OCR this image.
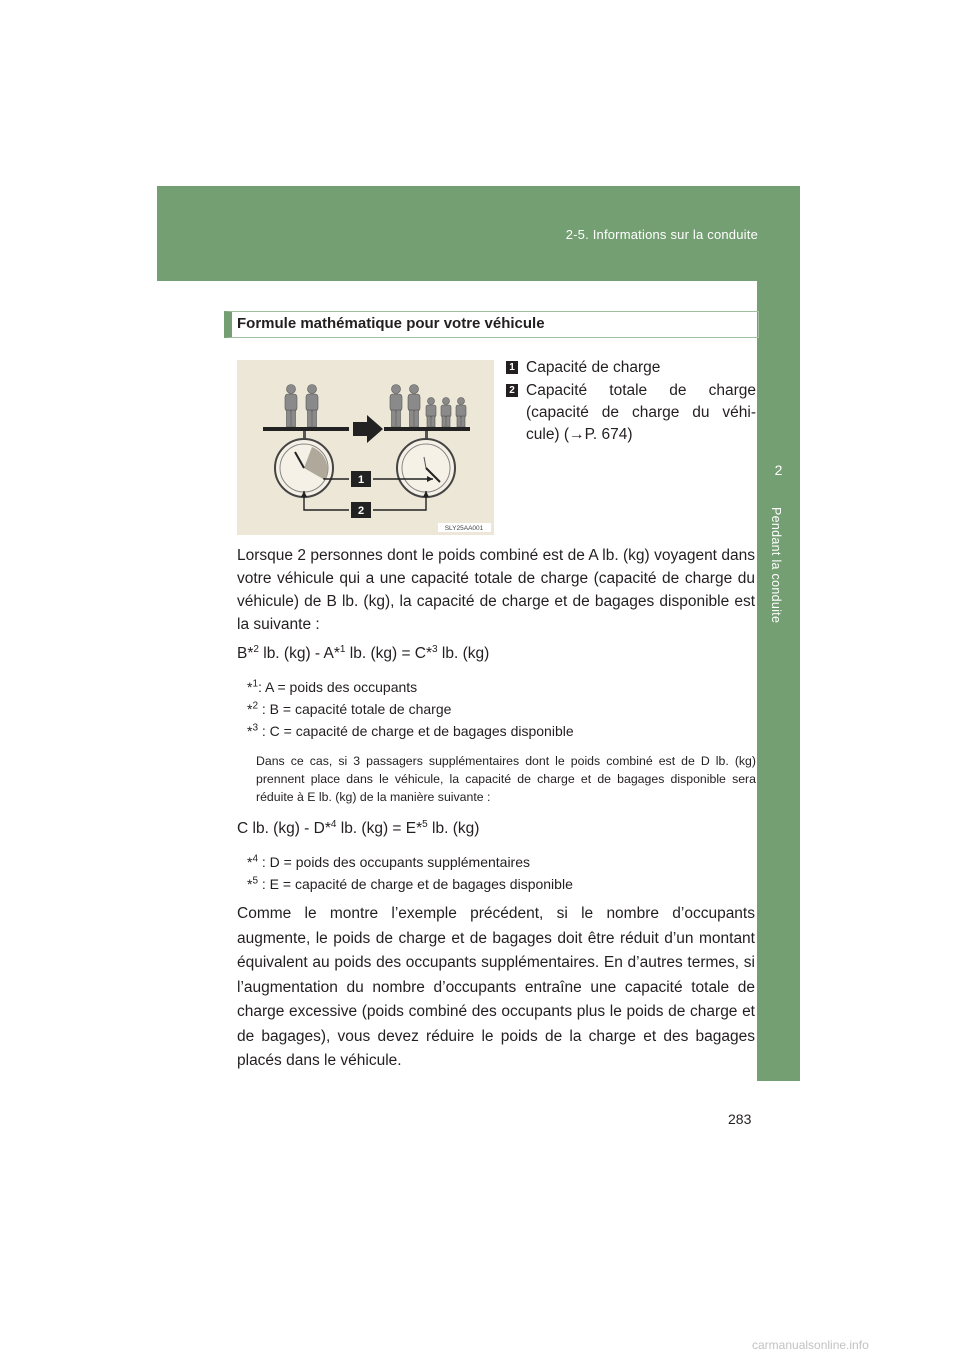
2-5. Informations sur la conduite
2
Pendant la conduite
Formule mathématique pour votre véhicule
1
2
SLY25AA001
1 Capacité de charge
2 Capacité totale de charge
(capacité de charge du véhi-
cule) (→P. 674)
Lorsque 2 personnes dont le poids combiné est de A lb. (kg) voyagent dans votre véhicule qui a une capacité totale de charge (capacité de charge du véhicule) de B lb. (kg), la capacité de charge et de bagages disponible est la suivante :
B*$^2$ lb. (kg) - A*$^1$ lb. (kg) = C*$^3$ lb. (kg)
*$^1$: A = poids des occupants
*$^2$ : B = capacité totale de charge
*$^3$ : C = capacité de charge et de bagages disponible
Dans ce cas, si 3 passagers supplémentaires dont le poids combiné est de D lb. (kg) prennent place dans le véhicule, la capacité de charge et de bagages disponible sera réduite à E lb. (kg) de la manière suivante :
C lb. (kg) - D*$^4$ lb. (kg) = E*$^5$ lb. (kg)
*$^4$ : D = poids des occupants supplémentaires
*$^5$ : E = capacité de charge et de bagages disponible
Comme le montre l’exemple précédent, si le nombre d’occupants augmente, le poids de charge et de bagages doit être réduit d’un montant équivalent au poids des occupants supplémentaires. En d’autres termes, si l’augmentation du nombre d’occupants entraîne une capacité totale de charge excessive (poids combiné des occupants plus le poids de charge et de bagages), vous devez réduire le poids de la charge et des bagages placés dans le véhicule.
283
carmanualsonline.info
